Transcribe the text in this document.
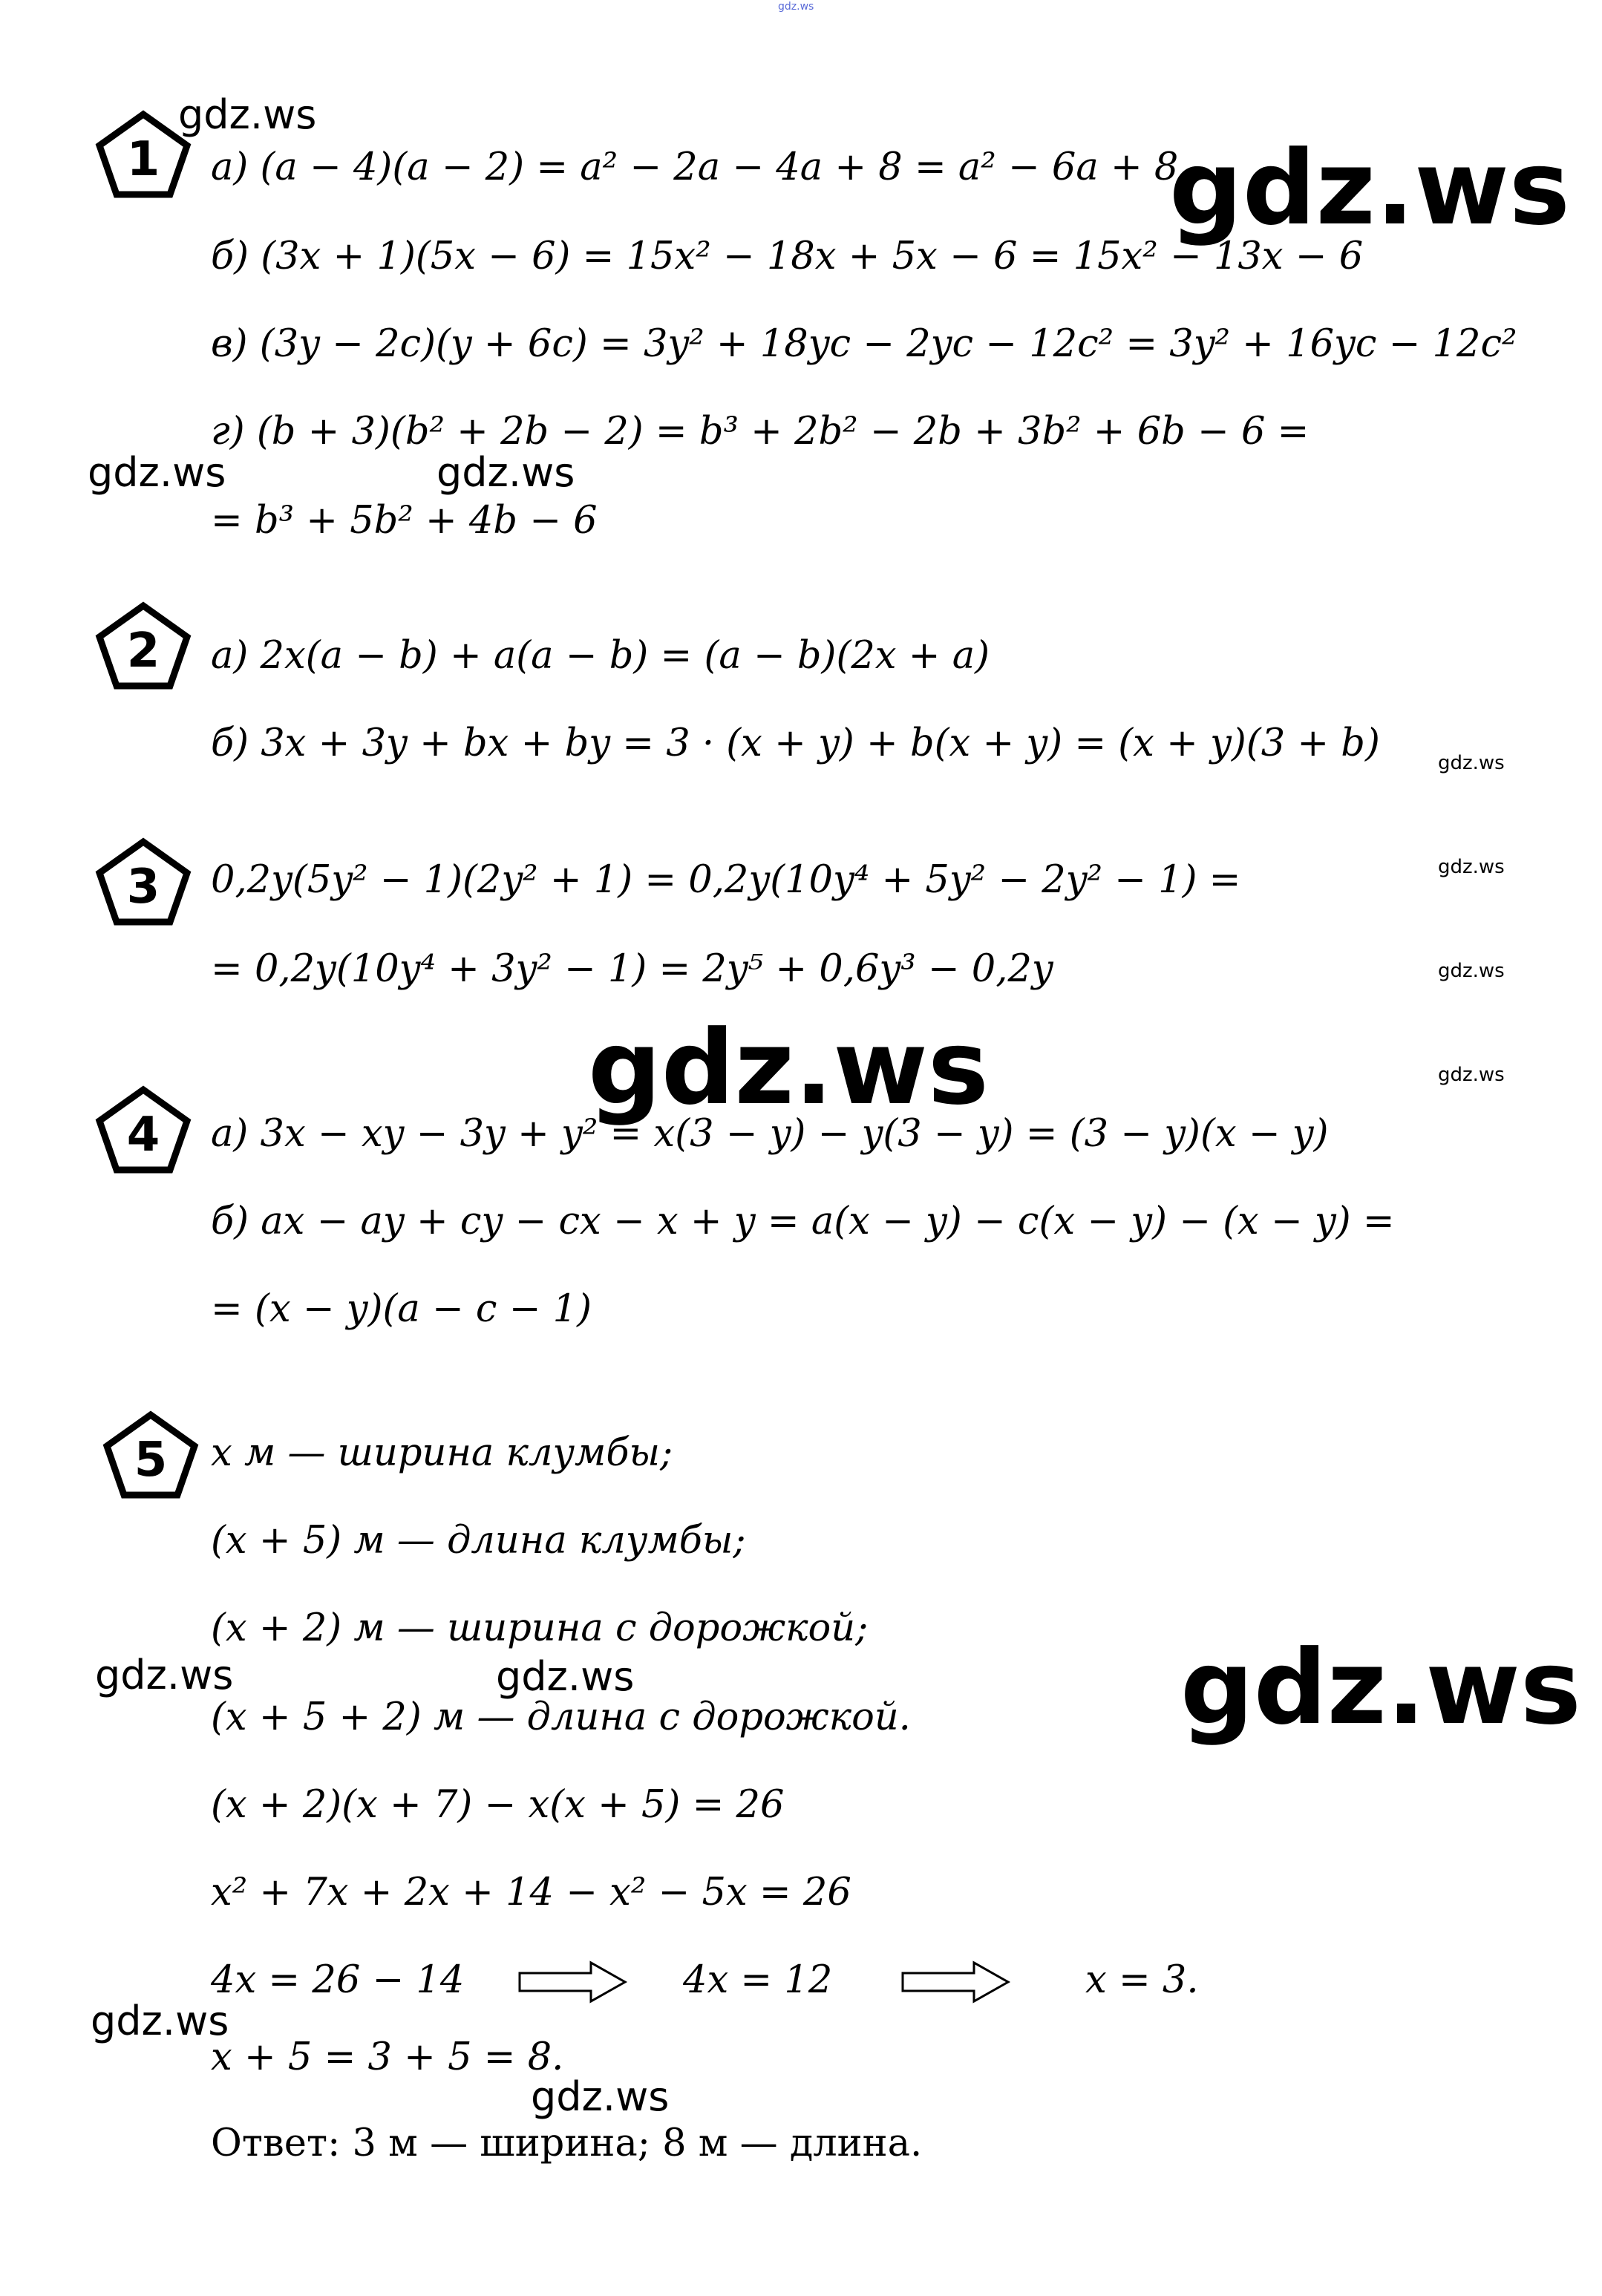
gdz.ws
gdz.ws
gdz.ws
gdz.ws	gdz.ws
gdz.ws
gdz.ws
gdz.ws
gdz.ws	gdz.ws
gdz.ws	gdz.ws	gdz.ws
gdz.ws
gdz.ws
1
2
3
4
5
а) (a − 4)(a − 2) = a² − 2a − 4a + 8 = a² − 6a + 8
б) (3x + 1)(5x − 6) = 15x² − 18x + 5x − 6 = 15x² − 13x − 6
в) (3y − 2c)(y + 6c) = 3y² + 18yc − 2yc − 12c² = 3y² + 16yc − 12c²
г) (b + 3)(b² + 2b − 2) = b³ + 2b² − 2b + 3b² + 6b − 6 =
= b³ + 5b² + 4b − 6
а) 2x(a − b) + a(a − b) = (a − b)(2x + a)
б) 3x + 3y + bx + by = 3 · (x + y) + b(x + y) = (x + y)(3 + b)
0,2y(5y² − 1)(2y² + 1) = 0,2y(10y⁴ + 5y² − 2y² − 1) =
= 0,2y(10y⁴ + 3y² − 1) = 2y⁵ + 0,6y³ − 0,2y
а) 3x − xy − 3y + y² = x(3 − y) − y(3 − y) = (3 − y)(x − y)
б) ax − ay + cy − cx − x + y = a(x − y) − c(x − y) − (x − y) =
= (x − y)(a − c − 1)
x м — ширина клумбы;
(x + 5) м — длина клумбы;
(x + 2) м — ширина с дорожкой;
(x + 5 + 2) м — длина с дорожкой.
(x + 2)(x + 7) − x(x + 5) = 26
x² + 7x + 2x + 14 − x² − 5x = 26
4x = 26 − 14	4x = 12	x = 3.
x + 5 = 3 + 5 = 8.
Ответ: 3 м — ширина; 8 м — длина.
